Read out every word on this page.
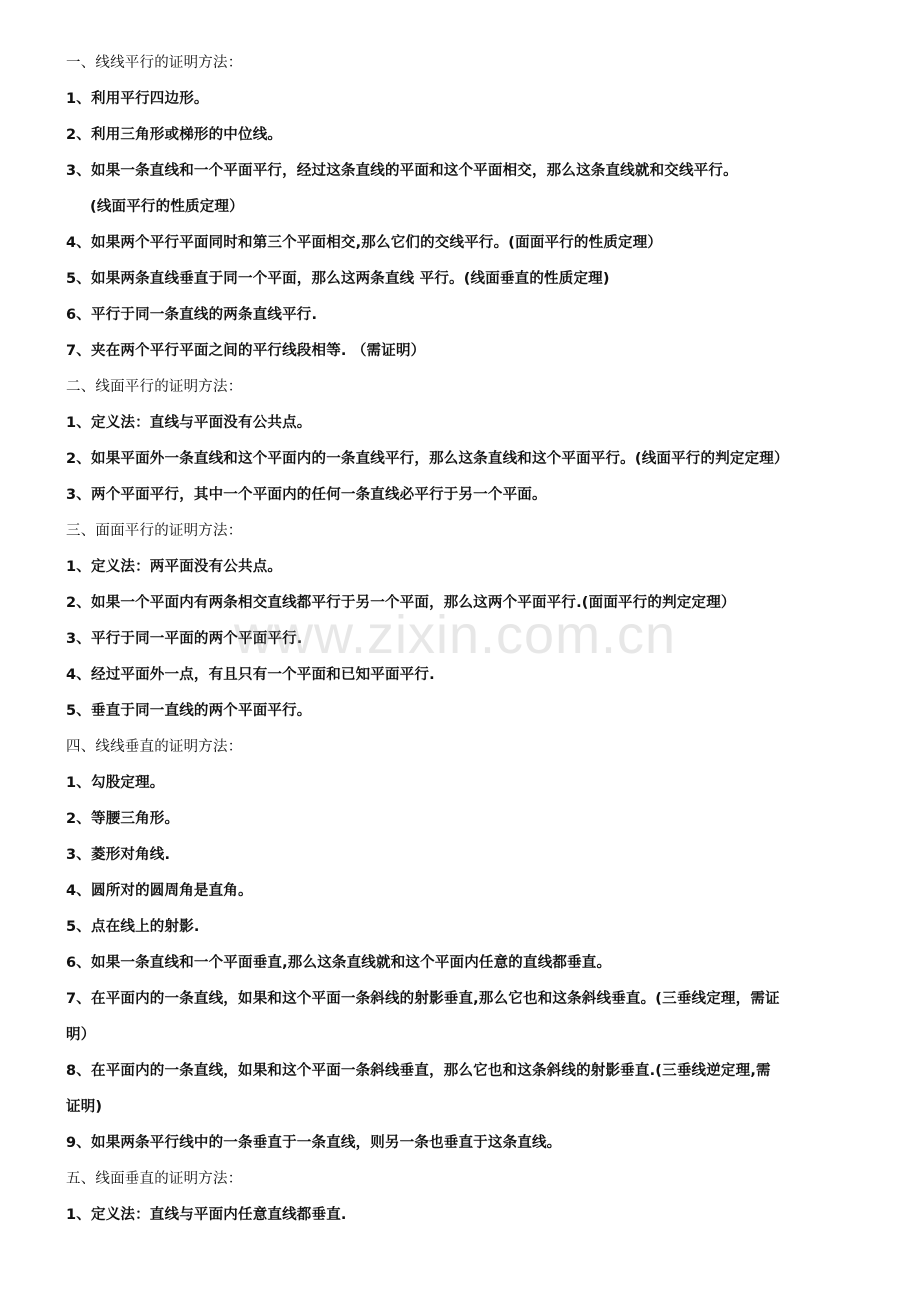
一、线线平行的证明方法：
1、利用平行四边形。
2、利用三角形或梯形的中位线。
3、如果一条直线和一个平面平行，经过这条直线的平面和这个平面相交，那么这条直线就和交线平行。
(线面平行的性质定理）
4、如果两个平行平面同时和第三个平面相交,那么它们的交线平行。(面面平行的性质定理）
5、如果两条直线垂直于同一个平面，那么这两条直线 平行。(线面垂直的性质定理)
6、平行于同一条直线的两条直线平行.
7、夹在两个平行平面之间的平行线段相等. （需证明）
二、线面平行的证明方法：
1、定义法：直线与平面没有公共点。
2、如果平面外一条直线和这个平面内的一条直线平行，那么这条直线和这个平面平行。(线面平行的判定定理）
3、两个平面平行，其中一个平面内的任何一条直线必平行于另一个平面。
三、面面平行的证明方法：
1、定义法：两平面没有公共点。
2、如果一个平面内有两条相交直线都平行于另一个平面，那么这两个平面平行.(面面平行的判定定理）
3、平行于同一平面的两个平面平行.
4、经过平面外一点，有且只有一个平面和已知平面平行.
5、垂直于同一直线的两个平面平行。
四、线线垂直的证明方法：
1、勾股定理。
2、等腰三角形。
3、菱形对角线.
4、圆所对的圆周角是直角。
5、点在线上的射影.
6、如果一条直线和一个平面垂直,那么这条直线就和这个平面内任意的直线都垂直。
7、在平面内的一条直线，如果和这个平面一条斜线的射影垂直,那么它也和这条斜线垂直。(三垂线定理，需证
明）
8、在平面内的一条直线，如果和这个平面一条斜线垂直，那么它也和这条斜线的射影垂直.(三垂线逆定理,需
证明)
9、如果两条平行线中的一条垂直于一条直线，则另一条也垂直于这条直线。
五、线面垂直的证明方法：
1、定义法：直线与平面内任意直线都垂直.
www.zixin.com.cn
